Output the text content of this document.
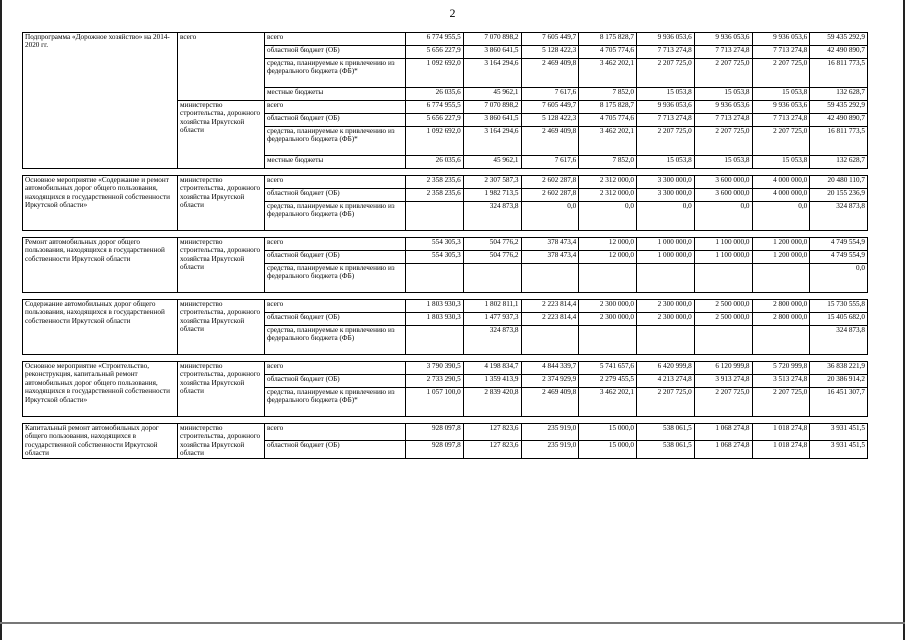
2
Подпрограмма «Дорожное хозяйство» на 2014-2020 гг.	всего	всего	6 774 955,5	7 070 898,2	7 605 449,7	8 175 828,7	9 936 053,6	9 936 053,6	9 936 053,6	59 435 292,9
		областной бюджет (ОБ)	5 656 227,9	3 860 641,5	5 128 422,3	4 705 774,6	7 713 274,8	7 713 274,8	7 713 274,8	42 490 890,7
		средства, планируемые к привлечению из федерального бюджета (ФБ)*	1 092 692,0	3 164 294,6	2 469 409,8	3 462 202,1	2 207 725,0	2 207 725,0	2 207 725,0	16 811 773,5
		местные бюджеты	26 035,6	45 962,1	7 617,6	7 852,0	15 053,8	15 053,8	15 053,8	132 628,7
	министерство строительства, дорожного хозяйства Иркутской области	всего	6 774 955,5	7 070 898,2	7 605 449,7	8 175 828,7	9 936 053,6	9 936 053,6	9 936 053,6	59 435 292,9
		областной бюджет (ОБ)	5 656 227,9	3 860 641,5	5 128 422,3	4 705 774,6	7 713 274,8	7 713 274,8	7 713 274,8	42 490 890,7
		средства, планируемые к привлечению из федерального бюджета (ФБ)*	1 092 692,0	3 164 294,6	2 469 409,8	3 462 202,1	2 207 725,0	2 207 725,0	2 207 725,0	16 811 773,5
		местные бюджеты	26 035,6	45 962,1	7 617,6	7 852,0	15 053,8	15 053,8	15 053,8	132 628,7

Основное мероприятие «Содержание и ремонт автомобильных дорог общего пользования, находящихся в государственной собственности Иркутской области»	министерство строительства, дорожного хозяйства Иркутской области	всего	2 358 235,6	2 307 587,3	2 602 287,8	2 312 000,0	3 300 000,0	3 600 000,0	4 000 000,0	20 480 110,7
		областной бюджет (ОБ)	2 358 235,6	1 982 713,5	2 602 287,8	2 312 000,0	3 300 000,0	3 600 000,0	4 000 000,0	20 155 236,9
		средства, планируемые к привлечению из федерального бюджета (ФБ)		324 873,8	0,0	0,0	0,0	0,0	0,0	324 873,8

Ремонт автомобильных дорог общего пользования, находящихся в государственной собственности Иркутской области	министерство строительства, дорожного хозяйства Иркутской области	всего	554 305,3	504 776,2	378 473,4	12 000,0	1 000 000,0	1 100 000,0	1 200 000,0	4 749 554,9
		областной бюджет (ОБ)	554 305,3	504 776,2	378 473,4	12 000,0	1 000 000,0	1 100 000,0	1 200 000,0	4 749 554,9
		средства, планируемые к привлечению из федерального бюджета (ФБ)								0,0

Содержание автомобильных дорог общего пользования, находящихся в государственной собственности Иркутской области	министерство строительства, дорожного хозяйства Иркутской области	всего	1 803 930,3	1 802 811,1	2 223 814,4	2 300 000,0	2 300 000,0	2 500 000,0	2 800 000,0	15 730 555,8
		областной бюджет (ОБ)	1 803 930,3	1 477 937,3	2 223 814,4	2 300 000,0	2 300 000,0	2 500 000,0	2 800 000,0	15 405 682,0
		средства, планируемые к привлечению из федерального бюджета (ФБ)		324 873,8						324 873,8

Основное мероприятие «Строительство, реконструкция, капитальный ремонт автомобильных дорог общего пользования, находящихся в государственной собственности Иркутской области»	министерство строительства, дорожного хозяйства Иркутской области	всего	3 790 390,5	4 198 834,7	4 844 339,7	5 741 657,6	6 420 999,8	6 120 999,8	5 720 999,8	36 838 221,9
		областной бюджет (ОБ)	2 733 290,5	1 359 413,9	2 374 929,9	2 279 455,5	4 213 274,8	3 913 274,8	3 513 274,8	20 386 914,2
		средства, планируемые к привлечению из федерального бюджета (ФБ)*	1 057 100,0	2 839 420,8	2 469 409,8	3 462 202,1	2 207 725,0	2 207 725,0	2 207 725,0	16 451 307,7

Капитальный ремонт автомобильных дорог общего пользования, находящихся в государственной собственности Иркутской области	министерство строительства, дорожного хозяйства Иркутской области	всего	928 097,8	127 823,6	235 919,0	15 000,0	538 061,5	1 068 274,8	1 018 274,8	3 931 451,5
		областной бюджет (ОБ)	928 097,8	127 823,6	235 919,0	15 000,0	538 061,5	1 068 274,8	1 018 274,8	3 931 451,5
